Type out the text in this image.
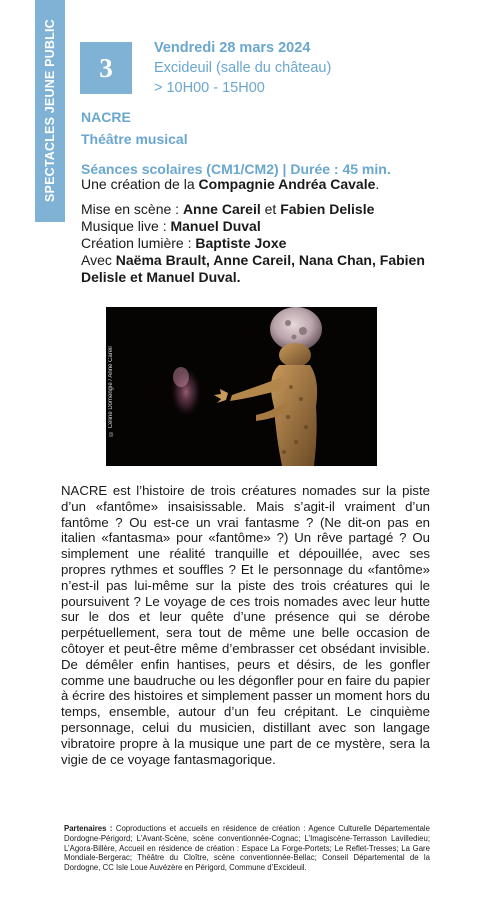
SPECTACLES JEUNE PUBLIC 3
Vendredi 28 mars 2024
Excideuil (salle du château)
> 10H00 - 15H00
NACRE
Théâtre musical
Séances scolaires (CM1/CM2) | Durée : 45 min.
Une création de la Compagnie Andréa Cavale.
Mise en scène : Anne Careil et Fabien Delisle
Musique live : Manuel Duval
Création lumière : Baptiste Joxe
Avec Naëma Brault, Anne Careil, Nana Chan, Fabien Delisle et Manuel Duval.
© Céline Domengie / Anne Careil
NACRE est l’histoire de trois créatures nomades sur la piste d’un «fantôme» insaisissable. Mais s’agit-il vraiment d’un fantôme ? Ou est-ce un vrai fantasme ? (Ne dit-on pas en italien «fantasma» pour «fantôme» ?) Un rêve partagé ? Ou simplement une réalité tranquille et dépouillée, avec ses propres rythmes et souffles ? Et le personnage du «fantôme» n’est-il pas lui-même sur la piste des trois créatures qui le poursuivent ? Le voyage de ces trois nomades avec leur hutte sur le dos et leur quête d’une présence qui se dérobe perpétuellement, sera tout de même une belle occasion de côtoyer et peut-être même d’embrasser cet obsédant invisible. De démêler enfin hantises, peurs et désirs, de les gonfler comme une baudruche ou les dégonfler pour en faire du papier à écrire des histoires et simplement passer un moment hors du temps, ensemble, autour d’un feu crépitant. Le cinquième personnage, celui du musicien, distillant avec son langage vibratoire propre à la musique une part de ce mystère, sera la vigie de ce voyage fantasmagorique.
Partenaires : Coproductions et accueils en résidence de création : Agence Culturelle Départementale Dordogne-Périgord; L’Avant-Scène, scène conventionnée-Cognac; L’Imagiscène-Terrasson Lavilledieu; L’Agora-Billère, Accueil en résidence de création : Espace La Forge-Portets; Le Reflet-Tresses; La Gare Mondiale-Bergerac; Théâtre du Cloître, scène conventionnée-Bellac; Conseil Départemental de la Dordogne, CC Isle Loue Auvézère en Périgord, Commune d’Excideuil.
